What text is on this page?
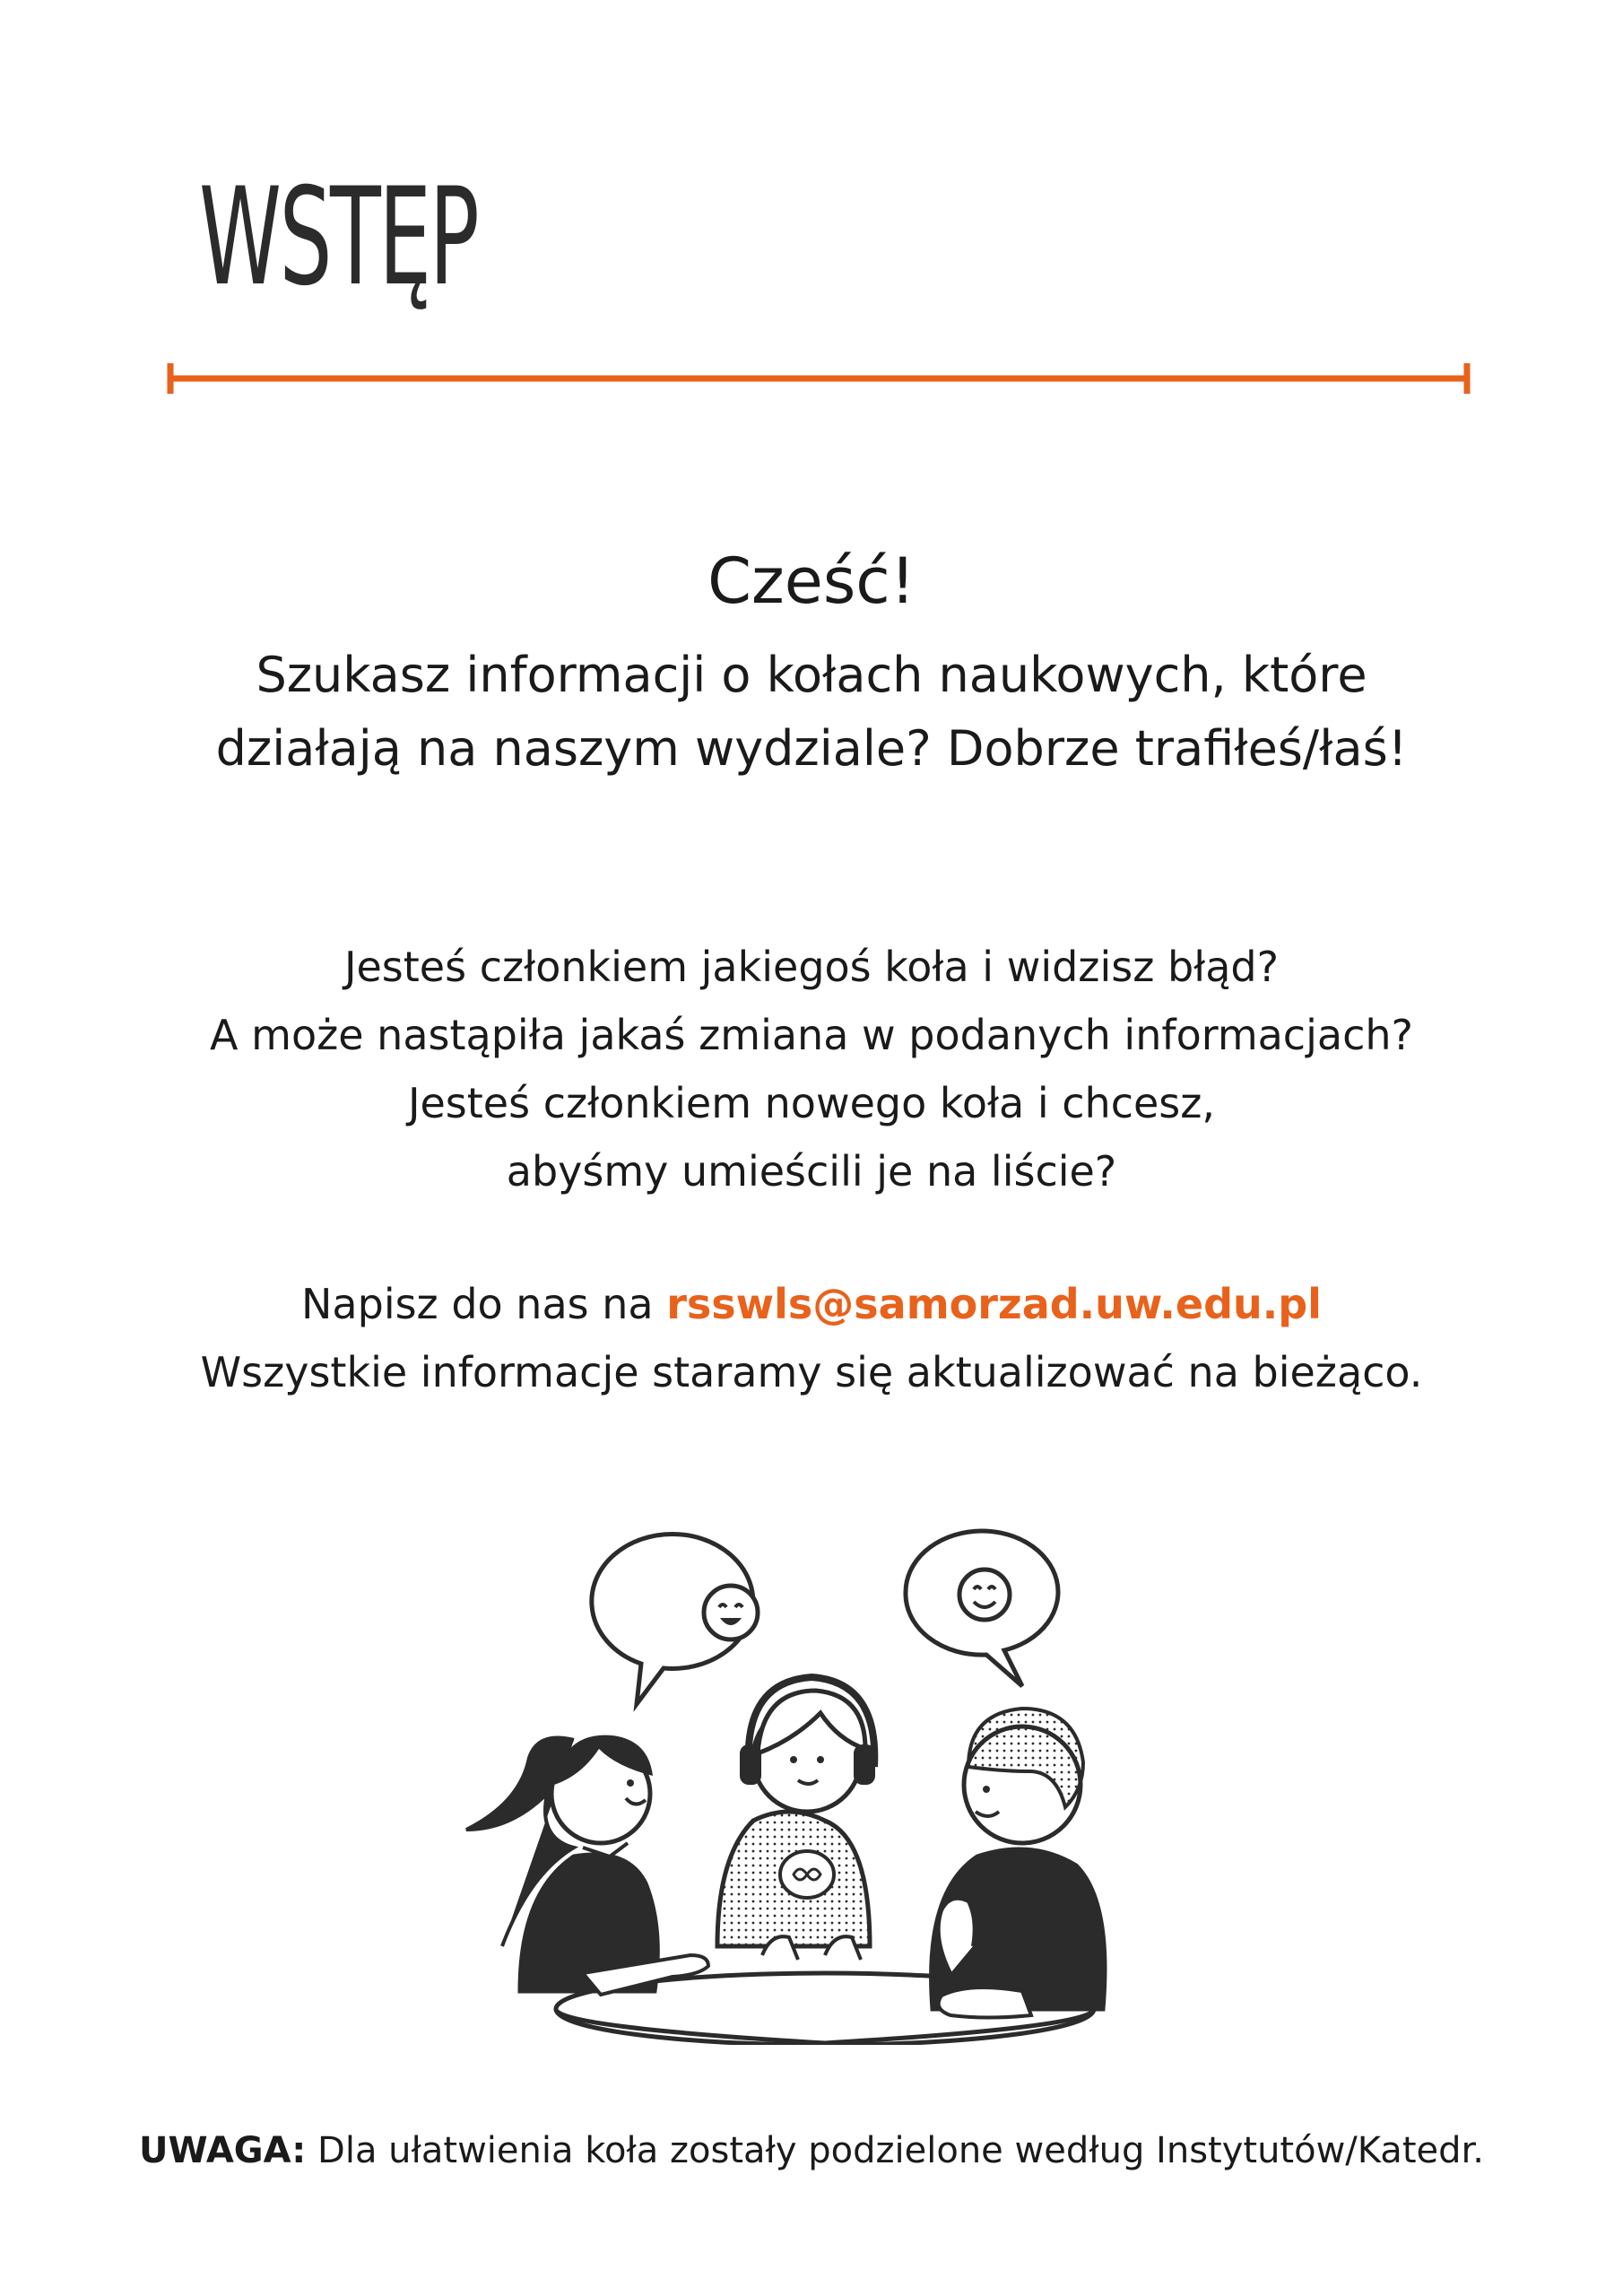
WSTĘP
Cześć!
Szukasz informacji o kołach naukowych, które
działają na naszym wydziale? Dobrze trafiłeś/łaś!
Jesteś członkiem jakiegoś koła i widzisz błąd?
A może nastąpiła jakaś zmiana w podanych informacjach?
Jesteś członkiem nowego koła i chcesz,
abyśmy umieścili je na liście?
Napisz do nas na rsswls@samorzad.uw.edu.pl
Wszystkie informacje staramy się aktualizować na bieżąco.
UWAGA: Dla ułatwienia koła zostały podzielone według Instytutów/Katedr.
